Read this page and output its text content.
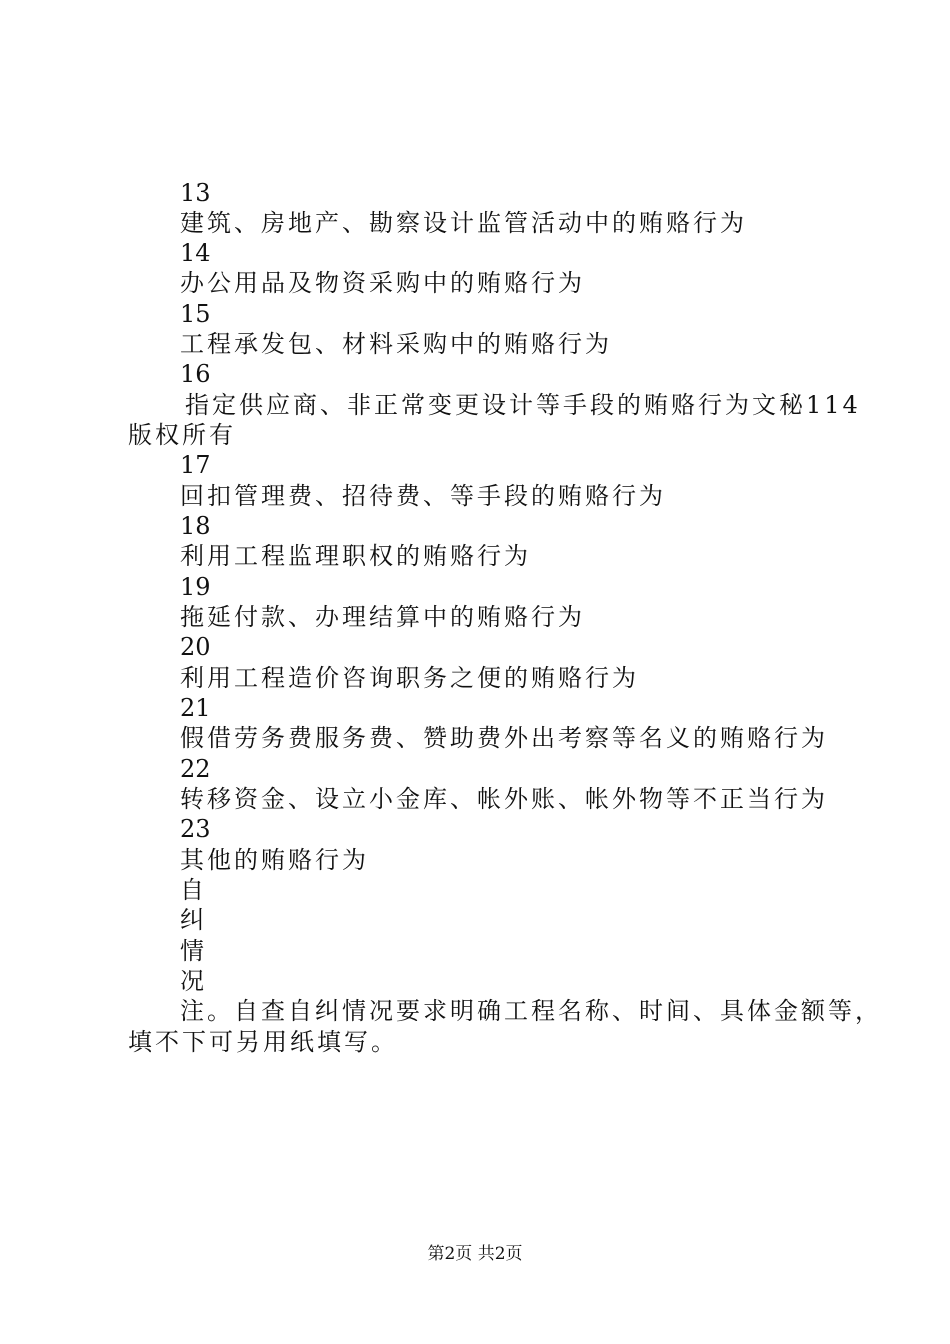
13
建筑、房地产、勘察设计监管活动中的贿赂行为
14
办公用品及物资采购中的贿赂行为
15
工程承发包、材料采购中的贿赂行为
16
指定供应商、非正常变更设计等手段的贿赂行为文秘114
版权所有
17
回扣管理费、招待费、等手段的贿赂行为
18
利用工程监理职权的贿赂行为
19
拖延付款、办理结算中的贿赂行为
20
利用工程造价咨询职务之便的贿赂行为
21
假借劳务费服务费、赞助费外出考察等名义的贿赂行为
22
转移资金、设立小金库、帐外账、帐外物等不正当行为
23
其他的贿赂行为
自
纠
情
况
注。自查自纠情况要求明确工程名称、时间、具体金额等，
填不下可另用纸填写。
第2页 共2页
